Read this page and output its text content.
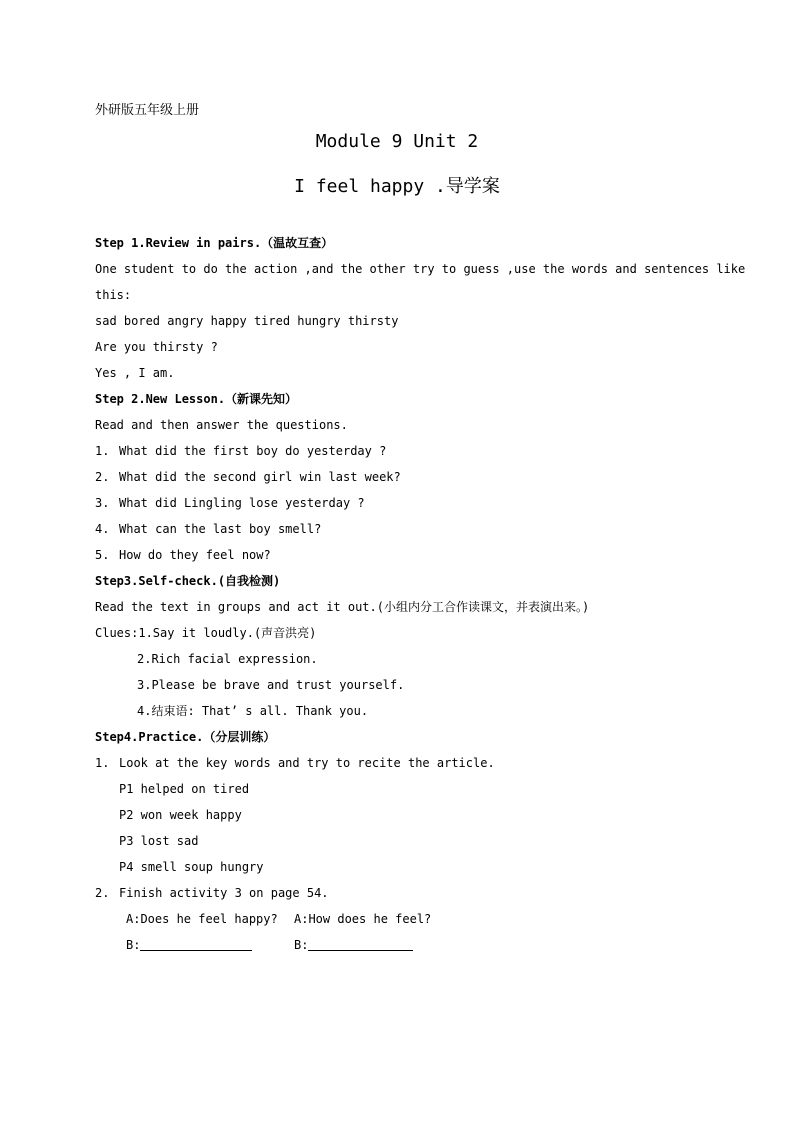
外研版五年级上册
Module 9 Unit 2
I feel happy .导学案
Step 1.Review in pairs.（温故互查）
One student to do the action ,and the other try to guess ,use the words and sentences like
this:
sad bored angry happy tired hungry thirsty
Are you thirsty ?
Yes , I am.
Step 2.New Lesson.（新课先知）
Read and then answer the questions.
1. What did the first boy do yesterday ?
2. What did the second girl win last week?
3. What did Lingling lose yesterday ?
4. What can the last boy smell?
5. How do they feel now?
Step3.Self-check.(自我检测)
Read the text in groups and act it out.(小组内分工合作读课文，并表演出来。)
Clues:1.Say it loudly.(声音洪亮)
2.Rich facial expression.
3.Please be brave and trust yourself.
4.结束语: That’ s all. Thank you.
Step4.Practice.（分层训练）
1. Look at the key words and try to recite the article.
P1 helped on tired
P2 won week happy
P3 lost sad
P4 smell soup hungry
2. Finish activity 3 on page 54.
A:Does he feel happy? A:How does he feel?
B:	B:
